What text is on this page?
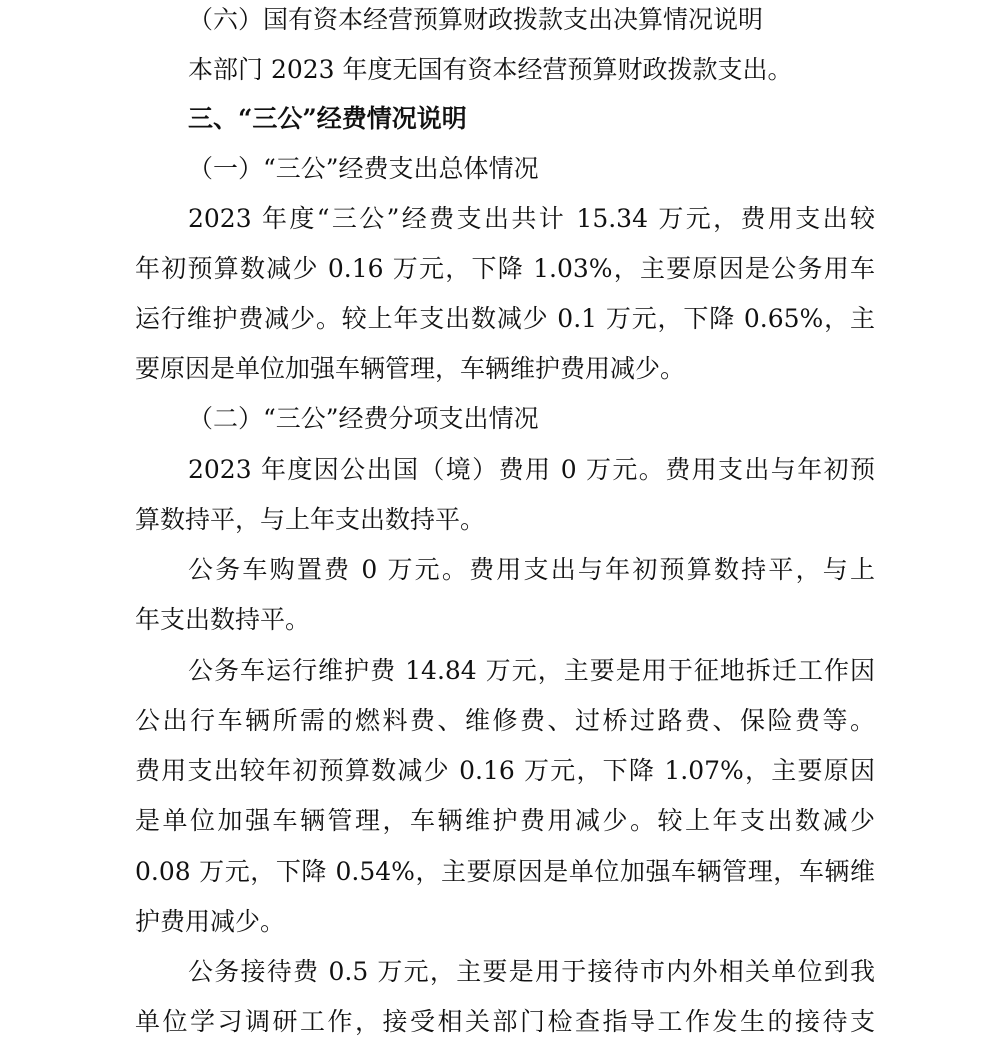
（六）国有资本经营预算财政拨款支出决算情况说明
本部门 2023 年度无国有资本经营预算财政拨款支出。
三、“三公”经费情况说明
（一）“三公”经费支出总体情况
2023 年度“三公”经费支出共计 15.34 万元，费用支出较
年初预算数减少 0.16 万元，下降 1.03%，主要原因是公务用车
运行维护费减少。较上年支出数减少 0.1 万元，下降 0.65%，主
要原因是单位加强车辆管理，车辆维护费用减少。
（二）“三公”经费分项支出情况
2023 年度因公出国（境）费用 0 万元。费用支出与年初预
算数持平，与上年支出数持平。
公务车购置费 0 万元。费用支出与年初预算数持平，与上
年支出数持平。
公务车运行维护费 14.84 万元，主要是用于征地拆迁工作因
公出行车辆所需的燃料费、维修费、过桥过路费、保险费等。
费用支出较年初预算数减少 0.16 万元，下降 1.07%，主要原因
是单位加强车辆管理，车辆维护费用减少。较上年支出数减少
0.08 万元，下降 0.54%，主要原因是单位加强车辆管理，车辆维
护费用减少。
公务接待费 0.5 万元，主要是用于接待市内外相关单位到我
单位学习调研工作，接受相关部门检查指导工作发生的接待支
